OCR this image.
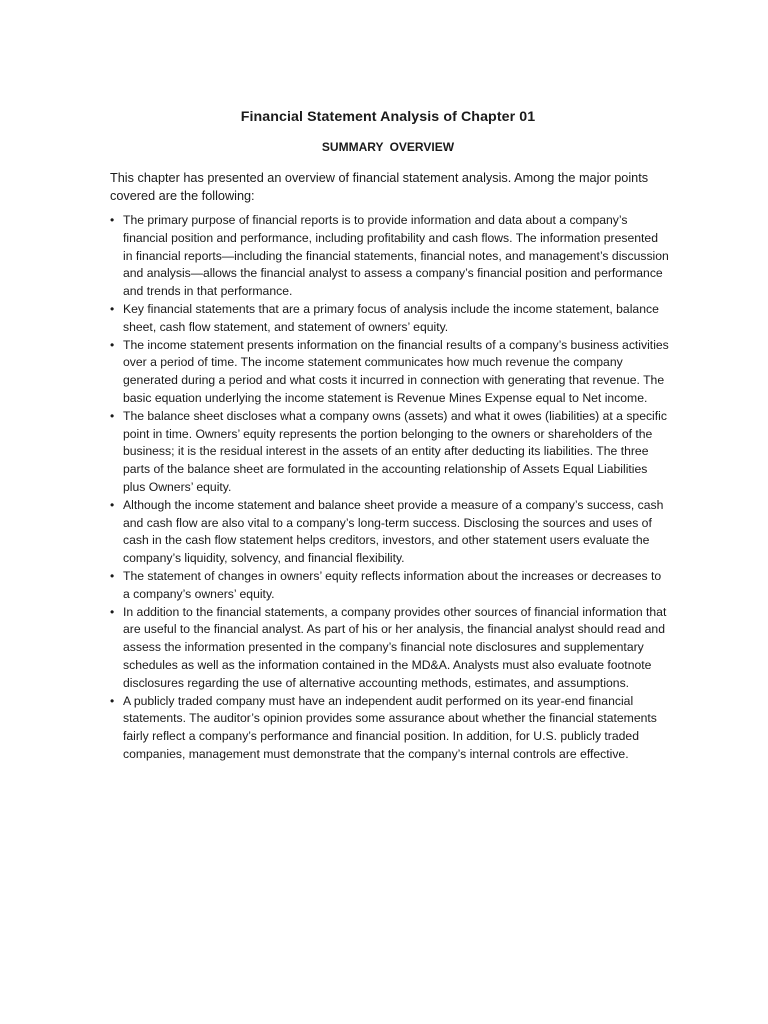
Financial Statement Analysis of Chapter 01
SUMMARY OVERVIEW

This chapter has presented an overview of financial statement analysis. Among the major points covered are the following:

• The primary purpose of financial reports is to provide information and data about a company’s financial position and performance, including profitability and cash flows. The information presented in financial reports—including the financial statements, financial notes, and management’s discussion and analysis—allows the financial analyst to assess a company’s financial position and performance and trends in that performance.
• Key financial statements that are a primary focus of analysis include the income statement, balance sheet, cash flow statement, and statement of owners’ equity.
• The income statement presents information on the financial results of a company’s business activities over a period of time. The income statement communicates how much revenue the company generated during a period and what costs it incurred in connection with generating that revenue. The basic equation underlying the income statement is Revenue Mines Expense equal to Net income.
• The balance sheet discloses what a company owns (assets) and what it owes (liabilities) at a specific point in time. Owners’ equity represents the portion belonging to the owners or shareholders of the business; it is the residual interest in the assets of an entity after deducting its liabilities. The three parts of the balance sheet are formulated in the accounting relationship of Assets Equal Liabilities plus Owners’ equity.
• Although the income statement and balance sheet provide a measure of a company’s success, cash and cash flow are also vital to a company’s long-term success. Disclosing the sources and uses of cash in the cash flow statement helps creditors, investors, and other statement users evaluate the company’s liquidity, solvency, and financial flexibility.
• The statement of changes in owners’ equity reflects information about the increases or decreases to a company’s owners’ equity.
• In addition to the financial statements, a company provides other sources of financial information that are useful to the financial analyst. As part of his or her analysis, the financial analyst should read and assess the information presented in the company’s financial note disclosures and supplementary schedules as well as the information contained in the MD&A. Analysts must also evaluate footnote disclosures regarding the use of alternative accounting methods, estimates, and assumptions.
• A publicly traded company must have an independent audit performed on its year-end financial statements. The auditor’s opinion provides some assurance about whether the financial statements fairly reflect a company’s performance and financial position. In addition, for U.S. publicly traded companies, management must demonstrate that the company’s internal controls are effective.
